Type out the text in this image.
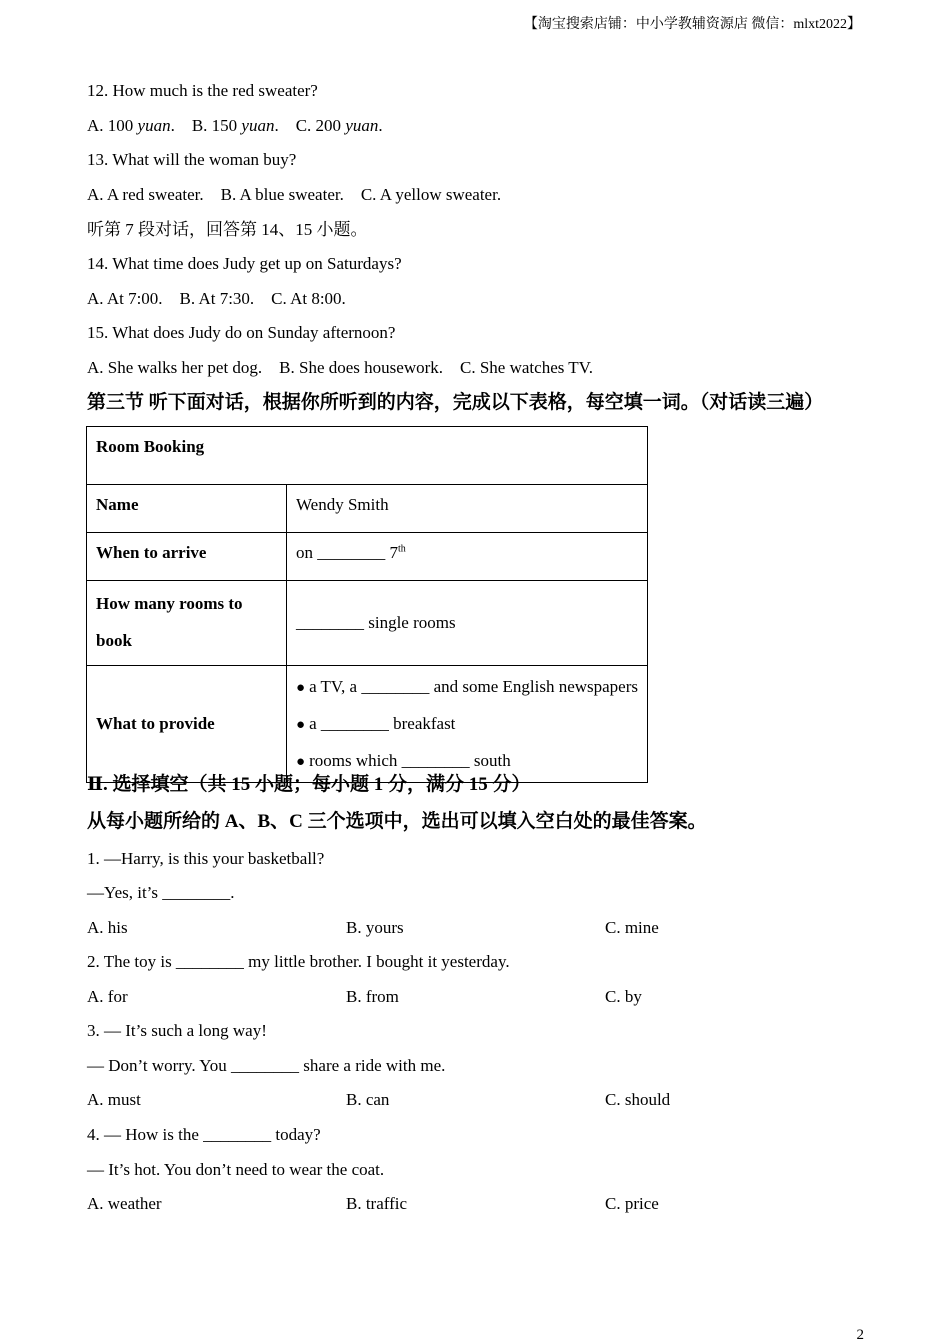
【淘宝搜索店铺：中小学教辅资源店 微信：mlxt2022】
12. How much is the red sweater?
A. 100 yuan. B. 150 yuan. C. 200 yuan.
13. What will the woman buy?
A. A red sweater.    B. A blue sweater.    C. A yellow sweater.
听第 7 段对话，回答第 14、15 小题。
14. What time does Judy get up on Saturdays?
A. At 7:00.    B. At 7:30.    C. At 8:00.
15. What does Judy do on Sunday afternoon?
A. She walks her pet dog.    B. She does housework.    C. She watches TV.
第三节 听下面对话，根据你所听到的内容，完成以下表格，每空填一词。（对话读三遍）
Room Booking	
Name	Wendy Smith
When to arrive	on ________ 7th

How many rooms to
book	________ single rooms
What to provide	● a TV, a ________ and some English newspapers
● a ________ breakfast
● rooms which ________ south
Ⅱ. 选择填空（共 15 小题；每小题 1 分，满分 15 分）
从每小题所给的 A、B、C 三个选项中，选出可以填入空白处的最佳答案。
1. —Harry, is this your basketball?
—Yes, it’s ________.
A. his	B. yours	C. mine
2. The toy is ________ my little brother. I bought it yesterday.
A. for	B. from	C. by
3. — It’s such a long way!
— Don’t worry. You ________ share a ride with me.
A. must	B. can	C. should
4. — How is the ________ today?
— It’s hot. You don’t need to wear the coat.
A. weather	B. traffic	C. price
2
